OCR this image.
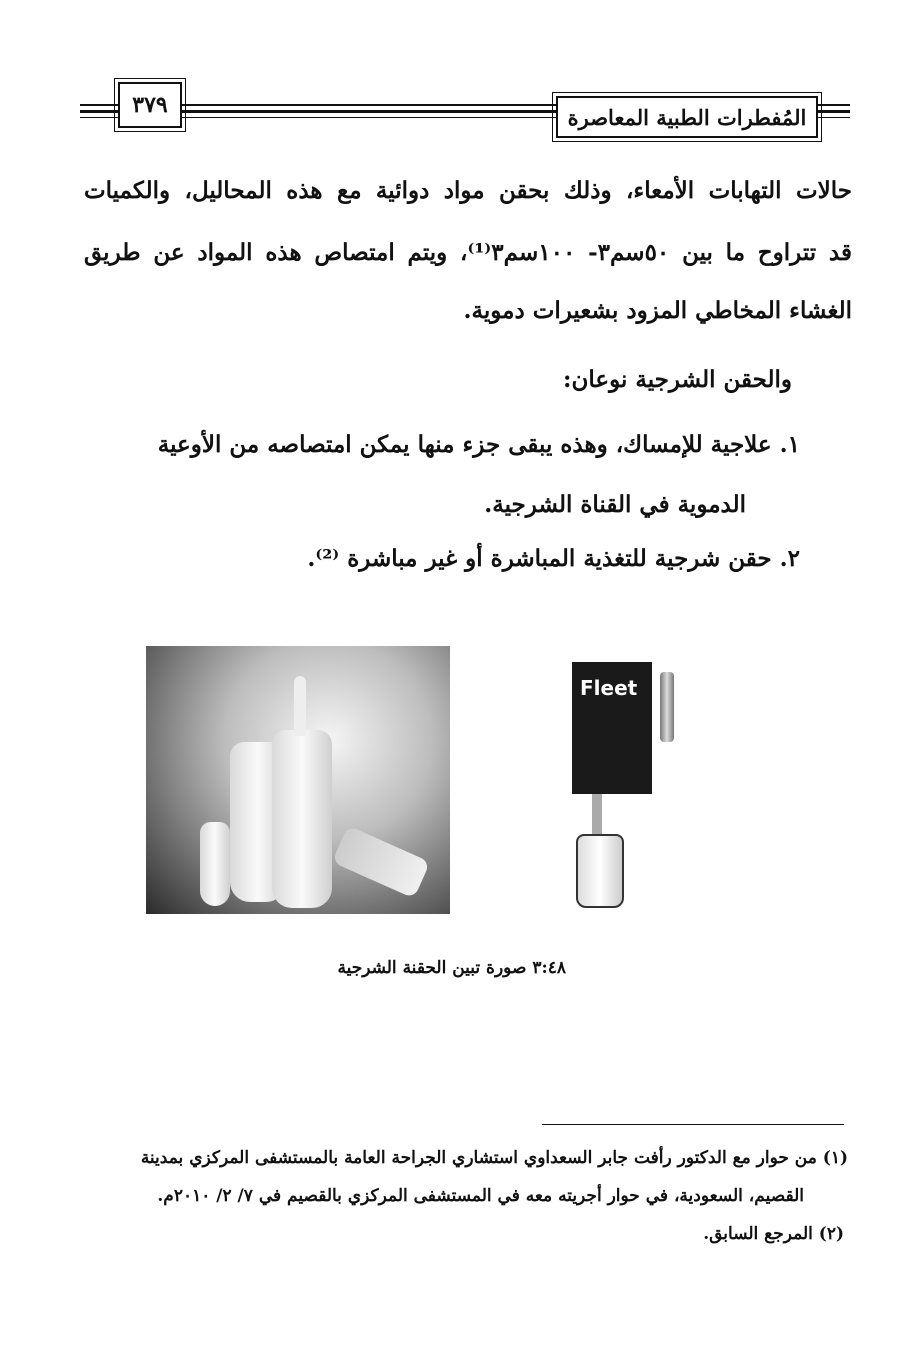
٣٧٩	المُفطرات الطبية المعاصرة
حالات التهابات الأمعاء، وذلك بحقن مواد دوائية مع هذه المحاليل، والكميات
قد تتراوح ما بين ٥٠سم٣- ١٠٠سم٣⁽¹⁾، ويتم امتصاص هذه المواد عن طريق
الغشاء المخاطي المزود بشعيرات دموية.
والحقن الشرجية نوعان:
١. علاجية للإمساك، وهذه يبقى جزء منها يمكن امتصاصه من الأوعية
الدموية في القناة الشرجية.
٢. حقن شرجية للتغذية المباشرة أو غير مباشرة ⁽²⁾.
Fleet
٣:٤٨ صورة تبين الحقنة الشرجية
(١) من حوار مع الدكتور رأفت جابر السعداوي استشاري الجراحة العامة بالمستشفى المركزي بمدينة
القصيم، السعودية، في حوار أجريته معه في المستشفى المركزي بالقصيم في ٧/ ٢/ ٢٠١٠م.
(٢) المرجع السابق.
